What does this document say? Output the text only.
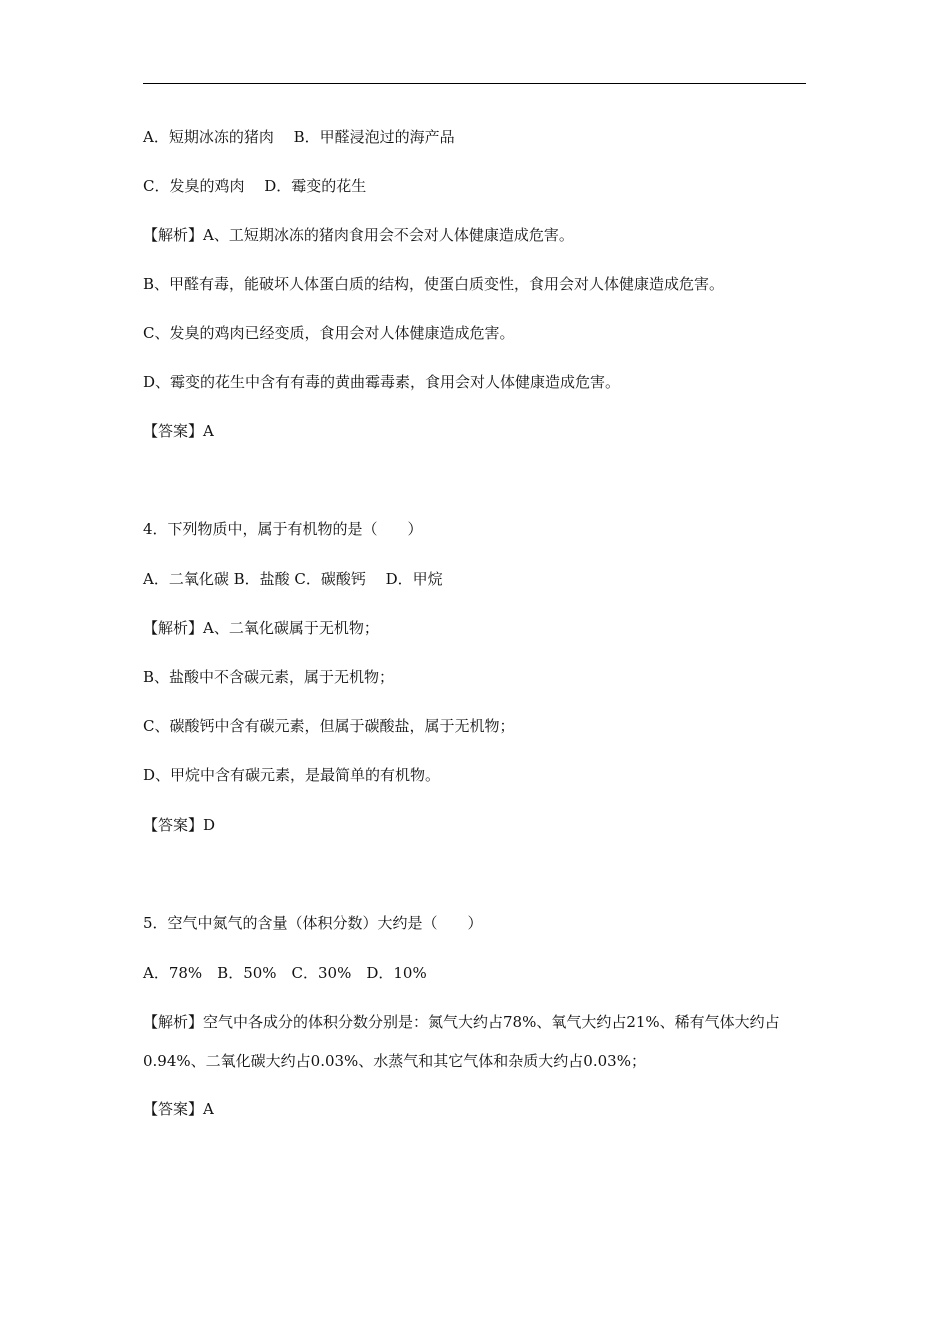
A．短期冰冻的猪肉　 B．甲醛浸泡过的海产品
C．发臭的鸡肉　 D．霉变的花生
【解析】A、工短期冰冻的猪肉食用会不会对人体健康造成危害。
B、甲醛有毒，能破坏人体蛋白质的结构，使蛋白质变性，食用会对人体健康造成危害。
C、发臭的鸡肉已经变质，食用会对人体健康造成危害。
D、霉变的花生中含有有毒的黄曲霉毒素，食用会对人体健康造成危害。
【答案】A
4．下列物质中，属于有机物的是（　　）
A．二氧化碳 B．盐酸 C．碳酸钙　 D．甲烷
【解析】A、二氧化碳属于无机物；
B、盐酸中不含碳元素，属于无机物；
C、碳酸钙中含有碳元素，但属于碳酸盐，属于无机物；
D、甲烷中含有碳元素，是最简单的有机物。
【答案】D
5．空气中氮气的含量（体积分数）大约是（　　）
A．78%　B．50%　C．30%　D．10%
【解析】空气中各成分的体积分数分别是：氮气大约占78%、氧气大约占21%、稀有气体大约占
0.94%、二氧化碳大约占0.03%、水蒸气和其它气体和杂质大约占0.03%；
【答案】A
